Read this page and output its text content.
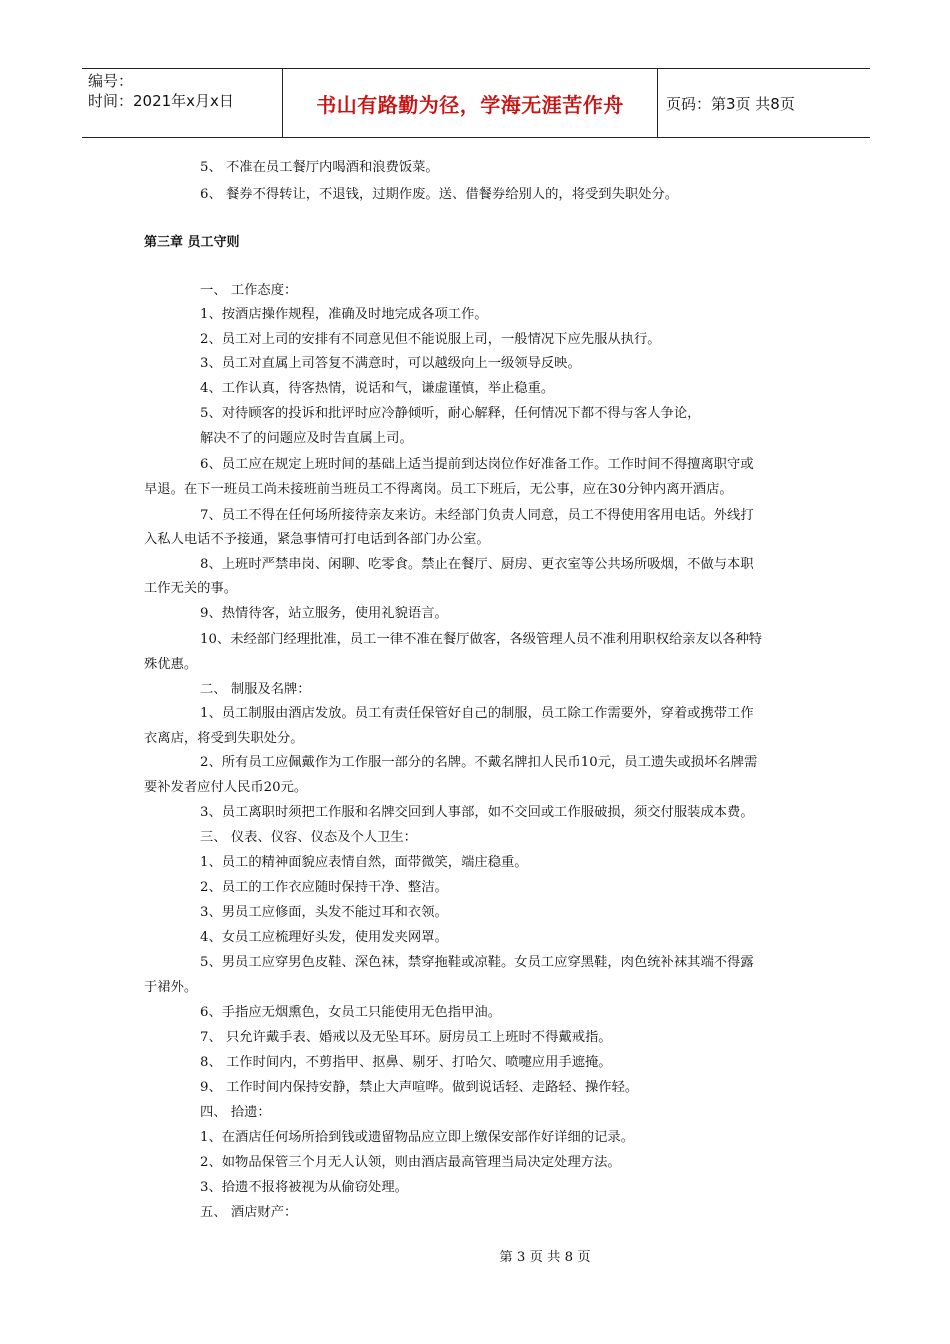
编号：
时间：2021年x月x日	书山有路勤为径，学海无涯苦作舟	页码：第3页 共8页
5、 不准在员工餐厅内喝酒和浪费饭菜。
6、 餐券不得转让，不退钱，过期作废。送、借餐券给别人的，将受到失职处分。
第三章 员工守则
一、 工作态度：
1、按酒店操作规程，准确及时地完成各项工作。
2、员工对上司的安排有不同意见但不能说服上司，一般情况下应先服从执行。
3、员工对直属上司答复不满意时，可以越级向上一级领导反映。
4、工作认真，待客热情，说话和气，谦虚谨慎，举止稳重。
5、对待顾客的投诉和批评时应冷静倾听，耐心解释，任何情况下都不得与客人争论，
解决不了的问题应及时告直属上司。
6、员工应在规定上班时间的基础上适当提前到达岗位作好准备工作。工作时间不得擅离职守或
早退。在下一班员工尚未接班前当班员工不得离岗。员工下班后，无公事，应在30分钟内离开酒店。
7、员工不得在任何场所接待亲友来访。未经部门负责人同意，员工不得使用客用电话。外线打
入私人电话不予接通，紧急事情可打电话到各部门办公室。
8、上班时严禁串岗、闲聊、吃零食。禁止在餐厅、厨房、更衣室等公共场所吸烟，不做与本职
工作无关的事。
9、热情待客，站立服务，使用礼貌语言。
10、未经部门经理批准，员工一律不准在餐厅做客，各级管理人员不准利用职权给亲友以各种特
殊优惠。
二、 制服及名牌：
1、员工制服由酒店发放。员工有责任保管好自己的制服，员工除工作需要外，穿着或携带工作
衣离店，将受到失职处分。
2、所有员工应佩戴作为工作服一部分的名牌。不戴名牌扣人民币10元，员工遗失或损坏名牌需
要补发者应付人民币20元。
3、员工离职时须把工作服和名牌交回到人事部，如不交回或工作服破损，须交付服装成本费。
三、 仪表、仪容、仪态及个人卫生：
1、员工的精神面貌应表情自然，面带微笑，端庄稳重。
2、员工的工作衣应随时保持干净、整洁。
3、男员工应修面，头发不能过耳和衣领。
4、女员工应梳理好头发，使用发夹网罩。
5、男员工应穿男色皮鞋、深色袜，禁穿拖鞋或凉鞋。女员工应穿黑鞋，肉色统补袜其端不得露
于裙外。
6、手指应无烟熏色，女员工只能使用无色指甲油。
7、 只允许戴手表、婚戒以及无坠耳环。厨房员工上班时不得戴戒指。
8、 工作时间内，不剪指甲、抠鼻、剔牙、打哈欠、喷嚏应用手遮掩。
9、 工作时间内保持安静，禁止大声喧哗。做到说话轻、走路轻、操作轻。
四、 拾遗：
1、在酒店任何场所拾到钱或遗留物品应立即上缴保安部作好详细的记录。
2、如物品保管三个月无人认领，则由酒店最高管理当局决定处理方法。
3、拾遗不报将被视为从偷窃处理。
五、 酒店财产：
第 3 页 共 8 页
